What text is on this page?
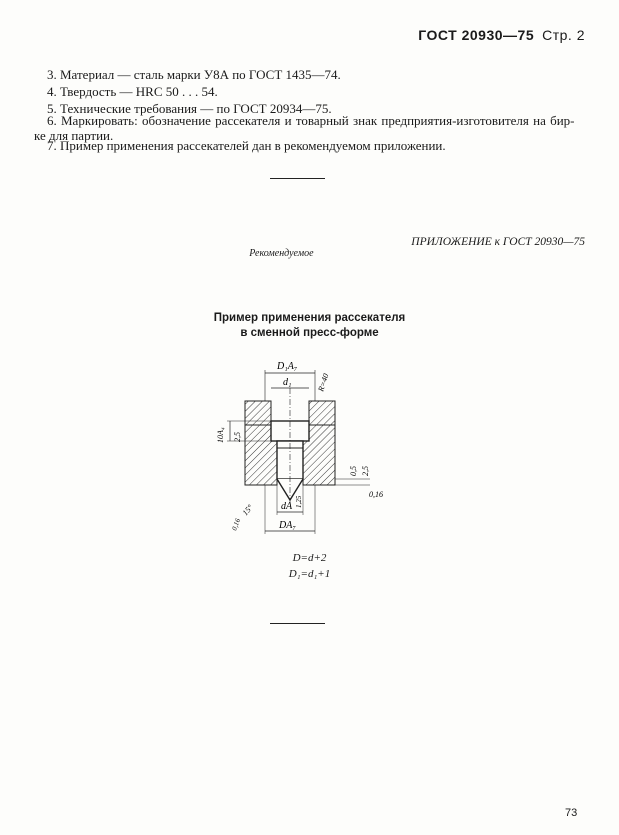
ГОСТ 20930—75 Стр. 2
3. Материал — сталь марки У8А по ГОСТ 1435—74.
4. Твердость — HRC 50 . . . 54.
5. Технические требования — по ГОСТ 20934—75.
6. Маркировать: обозначение рассекателя и товарный знак предприятия-изготовителя на бир-
ке для партии.
7. Пример применения рассекателей дан в рекомендуемом приложении.
ПРИЛОЖЕНИЕ к ГОСТ 20930—75
Рекомендуемое
Пример применения рассекателя
в сменной пресс-форме
D₁A₇
d₁	R=40
10A₄ 2,5
0,5 2,5
0,16
dA 1,25
15°
0,16	DA₇
D=d+2
D₁=d₁+1
73
